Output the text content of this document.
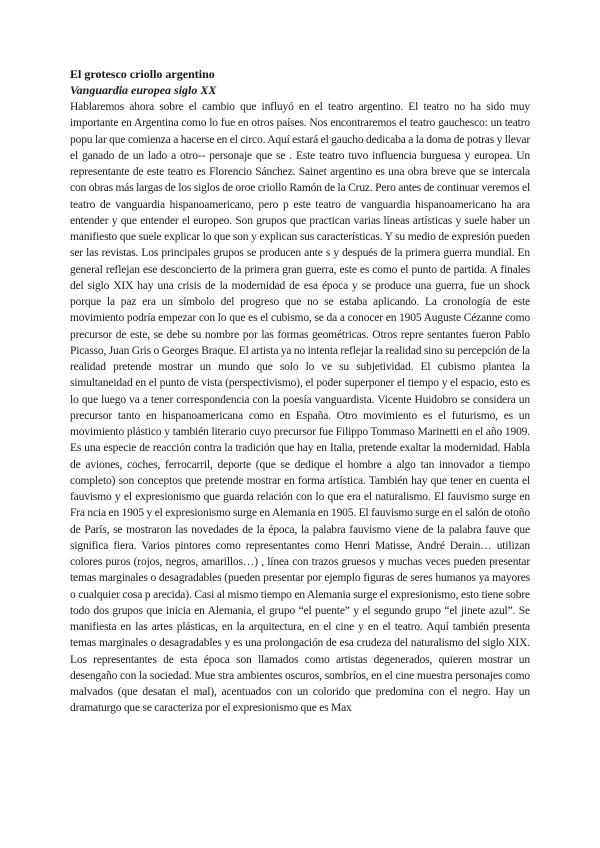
El grotesco criollo argentino
Vanguardia europea siglo XX

Hablaremos ahora sobre el cambio que influyó en el teatro argentino. El teatro no ha sido muy importante en Argentina como lo fue en otros países. Nos encontraremos el teatro gauchesco: un teatro popu lar que comienza a hacerse en el circo. Aquí estará el gaucho dedicaba a la doma de potras y llevar el ganado de un lado a otro-- personaje que se . Este teatro tuvo influencia burguesa y europea. Un representante de este teatro es Florencio Sánchez. Sainet argentino es una obra breve que se intercala con obras más largas de los siglos de oroe criollo Ramón de la Cruz. Pero antes de continuar veremos el teatro de vanguardia hispanoamericano, pero p este teatro de vanguardia hispanoamericano ha ara entender y que entender el europeo. Son grupos que practican varias líneas artísticas y suele haber un manifiesto que suele explicar lo que son y explican sus características. Y su medio de expresión pueden ser las revistas. Los principales grupos se producen ante s y después de la primera guerra mundial. En general reflejan ese desconcierto de la primera gran guerra, este es como el punto de partida. A finales del siglo XIX hay una crisis de la modernidad de esa época y se produce una guerra, fue un shock porque la paz era un símbolo del progreso que no se estaba aplicando. La cronología de este movimiento podría empezar con lo que es el cubismo, se da a conocer en 1905 Auguste Cézanne como precursor de este, se debe su nombre por las formas geométricas. Otros repre sentantes fueron Pablo Picasso, Juan Gris o Georges Braque. El artista ya no intenta reflejar la realidad sino su percepción de la realidad pretende mostrar un mundo que solo lo ve su subjetividad. El cubismo plantea la simultaneidad en el punto de vista (perspectivismo), el poder superponer el tiempo y el espacio, esto es lo que luego va a tener correspondencia con la poesía vanguardista. Vicente Huidobro se considera un precursor tanto en hispanoamericana como en España. Otro movimiento es el futurismo, es un movimiento plástico y también literario cuyo precursor fue Filippo Tommaso Marinetti en el año 1909. Es una especie de reacción contra la tradición que hay en Italia, pretende exaltar la modernidad. Habla de aviones, coches, ferrocarril, deporte (que se dedique el hombre a algo tan innovador a tiempo completo) son conceptos que pretende mostrar en forma artística. También hay que tener en cuenta el fauvismo y el expresionismo que guarda relación con lo que era el naturalismo. El fauvismo surge en Fra ncia en 1905 y el expresionismo surge en Alemania en 1905. El fauvismo surge en el salón de otoño de París, se mostraron las novedades de la época, la palabra fauvismo viene de la palabra fauve que significa fiera. Varios pintores como representantes como Henri Matisse, André Derain… utilizan colores puros (rojos, negros, amarillos…) , línea con trazos gruesos y muchas veces pueden presentar temas marginales o desagradables (pueden presentar por ejemplo figuras de seres humanos ya mayores o cualquier cosa p arecida). Casi al mismo tiempo en Alemania surge el expresionismo, esto tiene sobre todo dos grupos que inicia en Alemania, el grupo “el puente” y el segundo grupo “el jinete azul”. Se manifiesta en las artes plásticas, en la arquitectura, en el cine y en el teatro. Aquí también presenta temas marginales o desagradables y es una prolongación de esa crudeza del naturalismo del siglo XIX. Los representantes de esta época son llamados como artistas degenerados, quieren mostrar un desengaño con la sociedad. Mue stra ambientes oscuros, sombríos, en el cine muestra personajes como malvados (que desatan el mal), acentuados con un colorido que predomina con el negro. Hay un dramaturgo que se caracteriza por el expresionismo que es Max
